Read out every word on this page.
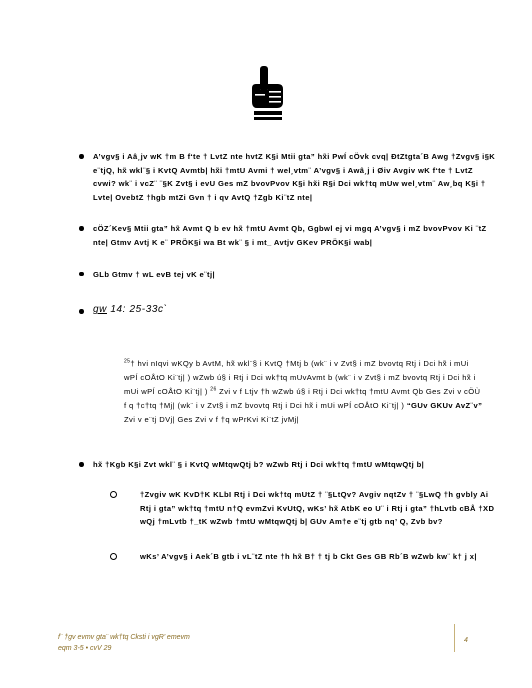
A’vgv§ i Aâ¸jv wK †m B f‘te † LvtZ nte hvtZ K§i Mtii gta” hx̃i PwÍ cÖvk cvq| ÐtZtgta´B Awg †Zvgv§ i§K e¨tjQ, hx̃ wkl¨§ i KvtQ Avmtb| hx̃i †mtU Avmi † wel¸vtm¨ A’vgv§ i Awâ¸j i Øiv Avgiv wK f‘te † LvtZ cvwi? wk¨ i vcZ¨ ¨§K Zvt§ i evU Ges mZ bvovPvov K§i hx̃i R§i Dci wk†tq mUw wel¸vtm¨ Aw¸bq K§i † Lvte| OvebtZ †hgb mtZi Gvn † i qv AvtQ †Zgb Ki¨tZ nte|
cÖZ´Kev§ Mtii gta” hx̃ Avmt Q b ev hx̃ †mtU Avmt Qb, Ggbwl ej vi mgq A’vgv§ i mZ bvovPvov Ki ¨tZ nte| Gtmv Avtj K e¨ PRÖK§i wa Bt wk¨ § i mt_ Avtjv GKev PRÖK§i wab|
GLb Gtmv † wL evB tej vK e¨tj|
gw 14: 25-33c`
$^{25}$† hvi nIqvi wKQy b AvtM, hx̃ wkl¨§ i KvtQ †Mtj b (wk¨ i v Zvt§ i mZ bvovtq Rtj i Dci hx̃ i mUi wPÍ cOÅtO Ki¨tj| ) wZwb ú§ i Rtj i Dci wk†tq mUvAvmt b (wk¨ i v Zvt§ i mZ bvovtq Rtj i Dci hx̃ i mUi wPÍ cOÅtO Ki¨tj| ) $^{26}$ Zvi v f Ltjv †h wZwb ú§ i Rtj i Dci wk†tq †mtU Avmt Qb Ges Zvi v cÖÙ f q †c†tq †Mj| (wk¨ i v Zvt§ i mZ bvovtq Rtj i Dci hx̃ i mUi wPÍ cOÅtO Ki¨tj| ) “GUv GKUv AvZ¨v” Zvi v e¨tj DVj| Ges Zvi v f †q wPrKvi Ki¨tZ jvMj|
hx̃ †Kgb K§i Zvt wkl¨ § i KvtQ wMtqwQtj b? wZwb Rtj i Dci wk†tq †mtU wMtqwQtj b|
†Zvgiv wK KvD†K KLbI Rtj i Dci wk†tq mUtZ † ¨§LtQv? Avgiv nqtZv † ¨§LwQ †h gvbly Ai Rtj i gta” wk†tq †mtU n†Q evmZvi KvUtQ, wKs’ hx̃ AtbK eo U¨ i Rtj i gta” †hLvtb cBÅ †XD wQj †mLvtb †_tK wZwb †mtU wMtqwQtj b| GUv Am†e e¨tj gtb nq’ Q, Zvb bv?
wKs’ A’vgv§ i Aek´B gtb i vL¨tZ nte †h hx̃ B† † tj b Ckt Ges GB Rb´B wZwb kw¨ k† j x|
f¨ †gv evmv gta¨ wk†tq Cksti i vgR’ emevm
eqm 3-5 • cvV 29
4
